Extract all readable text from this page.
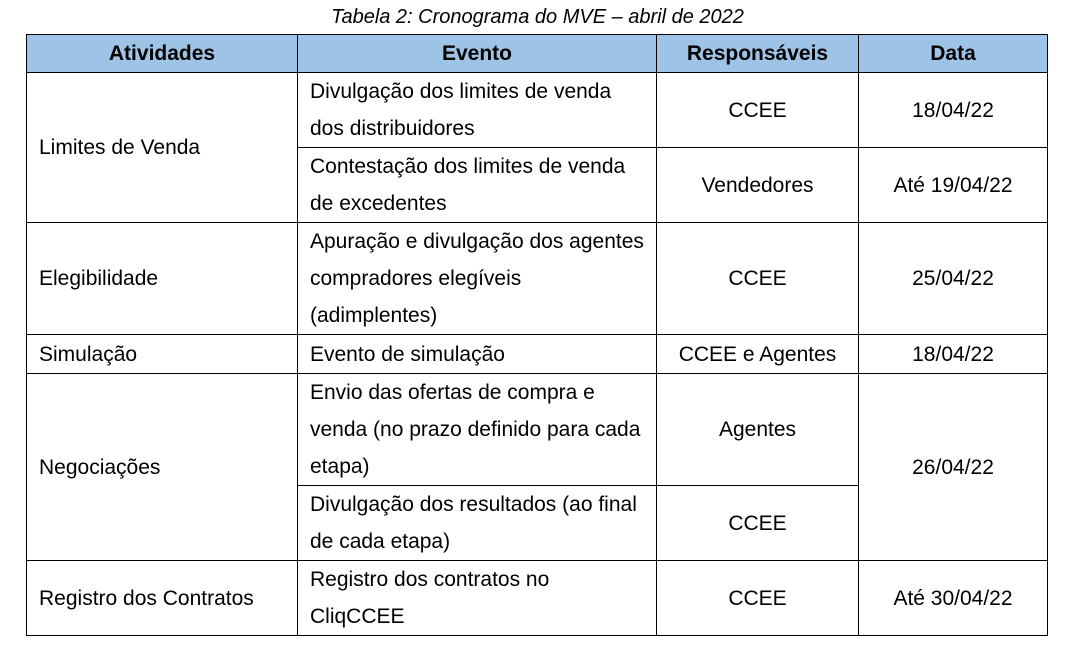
Tabela 2: Cronograma do MVE – abril de 2022
Atividades	Evento	Responsáveis	Data
Limites de Venda	Divulgação dos limites de venda dos distribuidores	CCEE	18/04/22
	Contestação dos limites de venda de excedentes	Vendedores	Até 19/04/22
Elegibilidade	Apuração e divulgação dos agentes compradores elegíveis (adimplentes)	CCEE	25/04/22
Simulação	Evento de simulação	CCEE e Agentes	18/04/22
Negociações	Envio das ofertas de compra e venda (no prazo definido para cada etapa)	Agentes	26/04/22
	Divulgação dos resultados (ao final de cada etapa)	CCEE	
Registro dos Contratos	Registro dos contratos no CliqCCEE	CCEE	Até 30/04/22
